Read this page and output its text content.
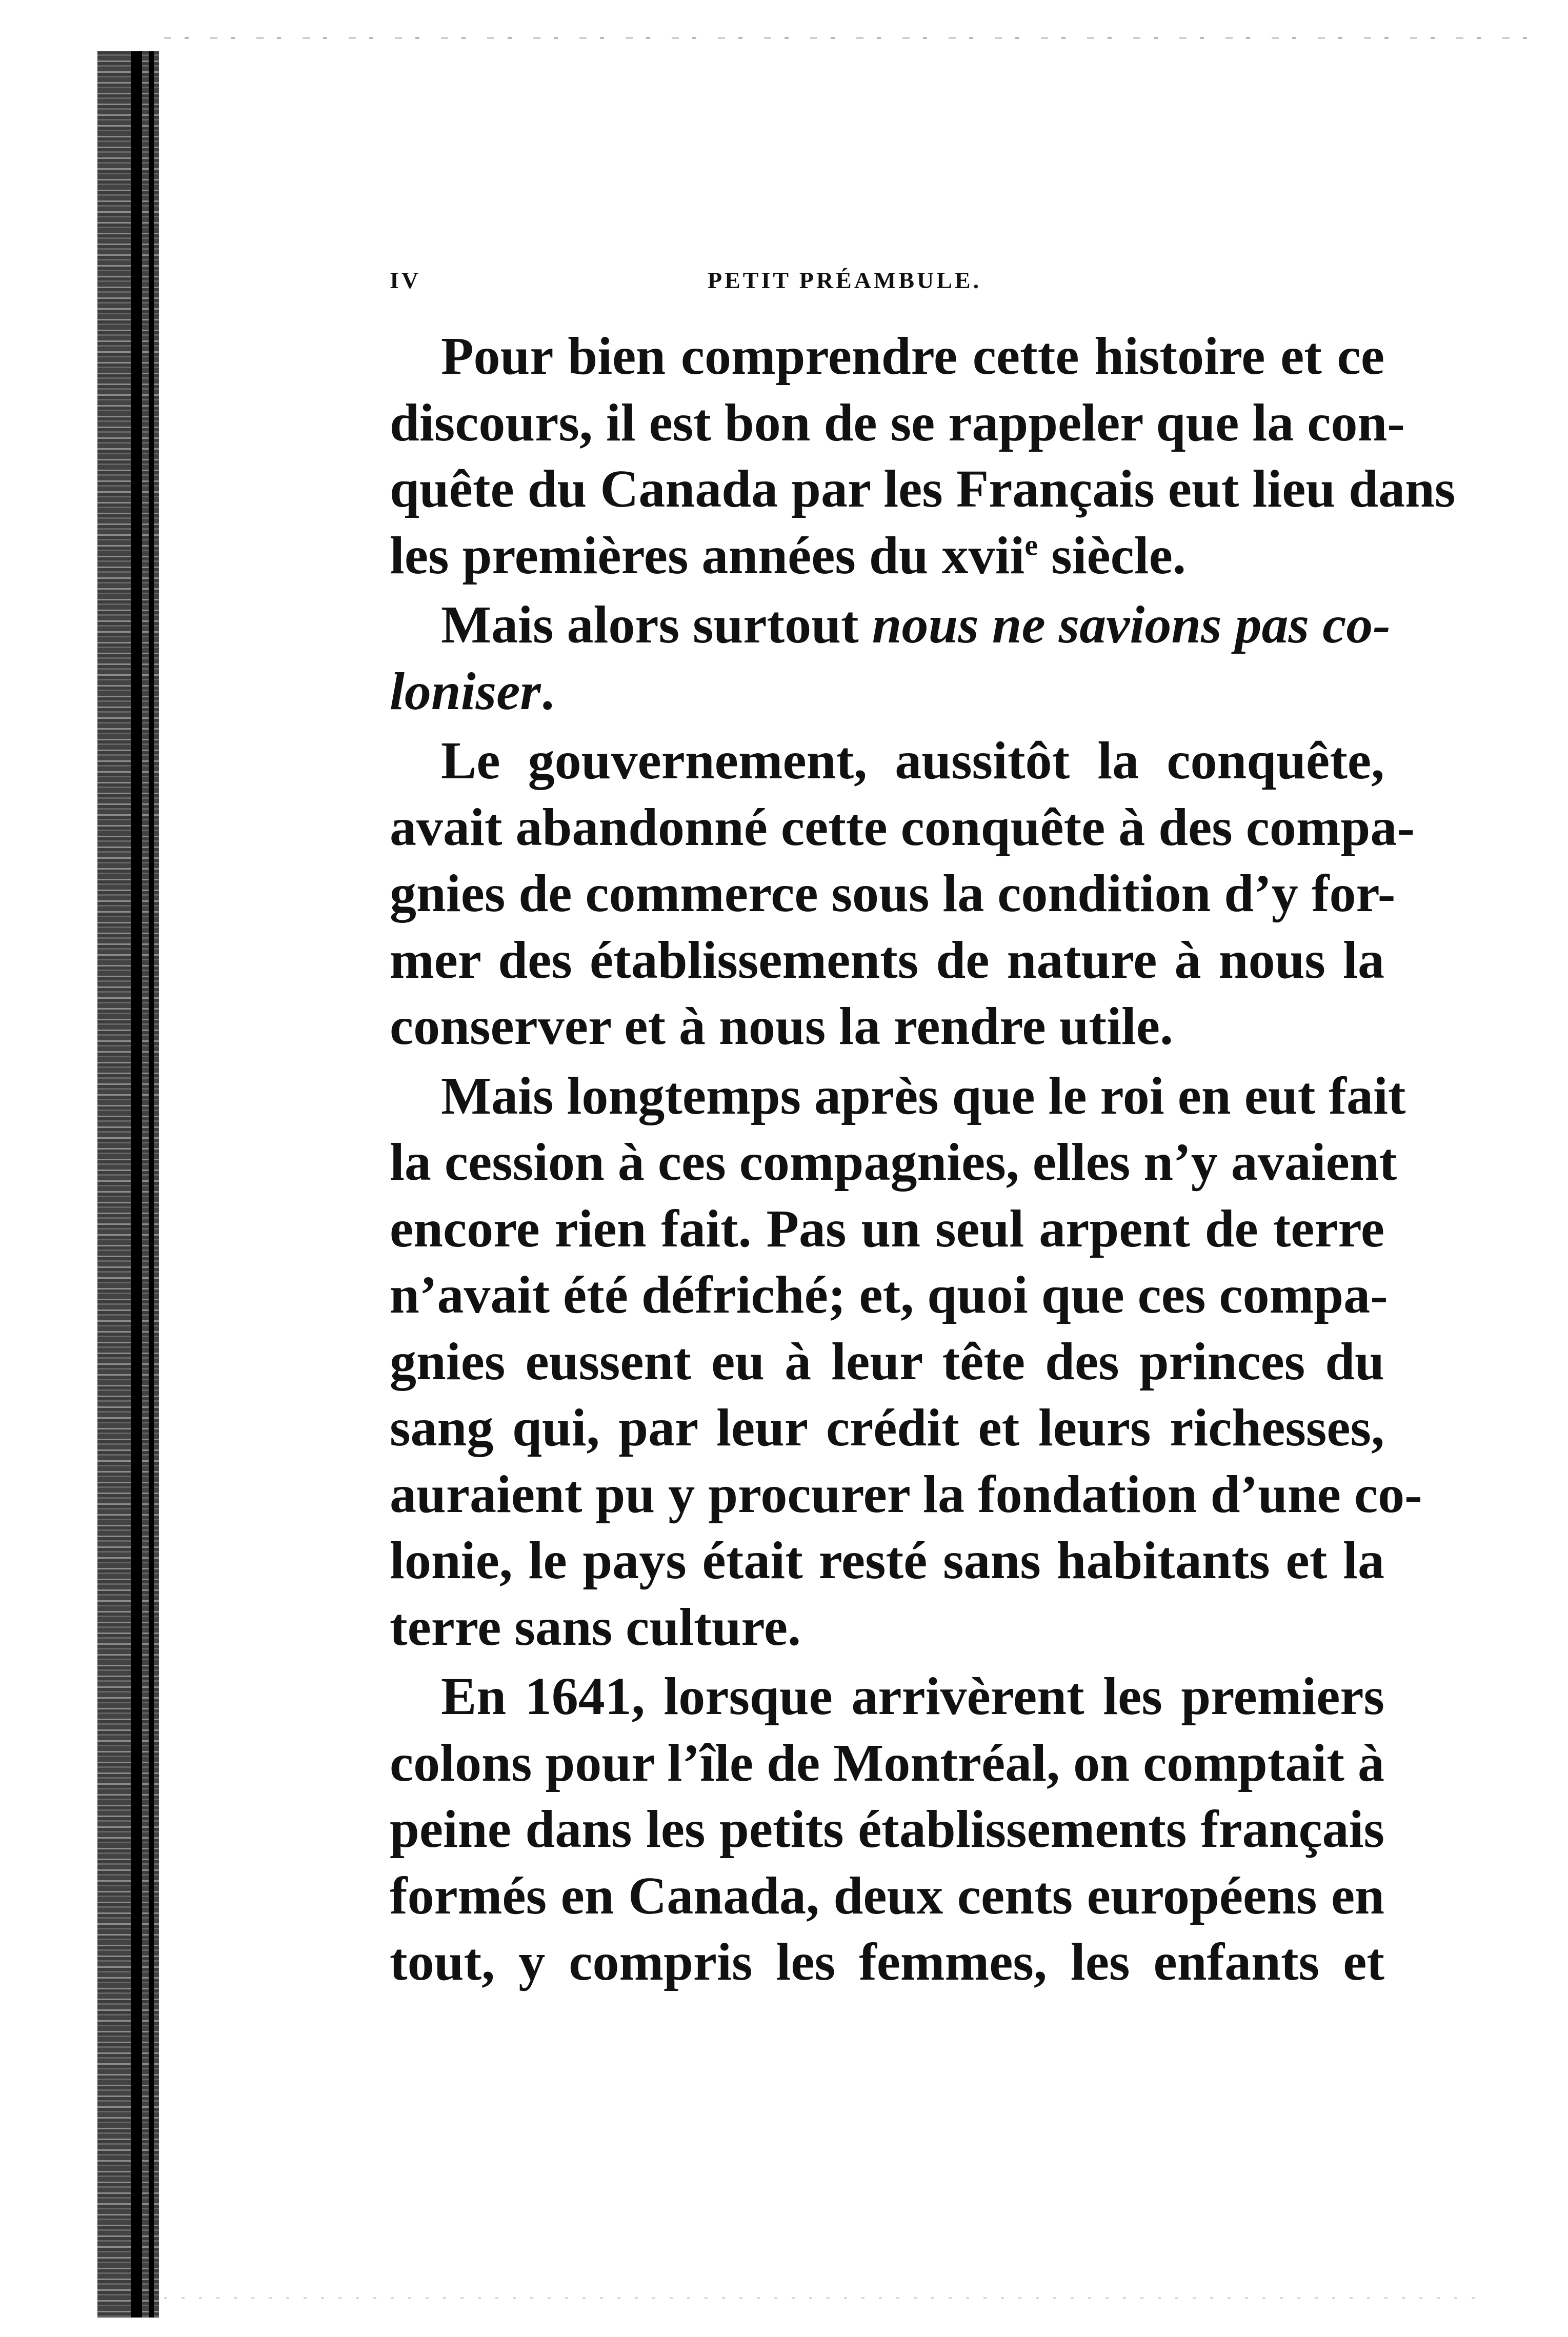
IV	PETIT PRÉAMBULE.
Pour bien comprendre cette histoire et ce
discours, il est bon de se rappeler que la con-
quête du Canada par les Français eut lieu dans
les premières années du xvii$^e$ siècle.
Mais alors surtout nous ne savions pas co-
loniser.
Le gouvernement, aussitôt la conquête,
avait abandonné cette conquête à des compa-
gnies de commerce sous la condition d’y for-
mer des établissements de nature à nous la
conserver et à nous la rendre utile.
Mais longtemps après que le roi en eut fait
la cession à ces compagnies, elles n’y avaient
encore rien fait. Pas un seul arpent de terre
n’avait été défriché; et, quoi que ces compa-
gnies eussent eu à leur tête des princes du
sang qui, par leur crédit et leurs richesses,
auraient pu y procurer la fondation d’une co-
lonie, le pays était resté sans habitants et la
terre sans culture.
En 1641, lorsque arrivèrent les premiers
colons pour l’île de Montréal, on comptait à
peine dans les petits établissements français
formés en Canada, deux cents européens en
tout, y compris les femmes, les enfants et
